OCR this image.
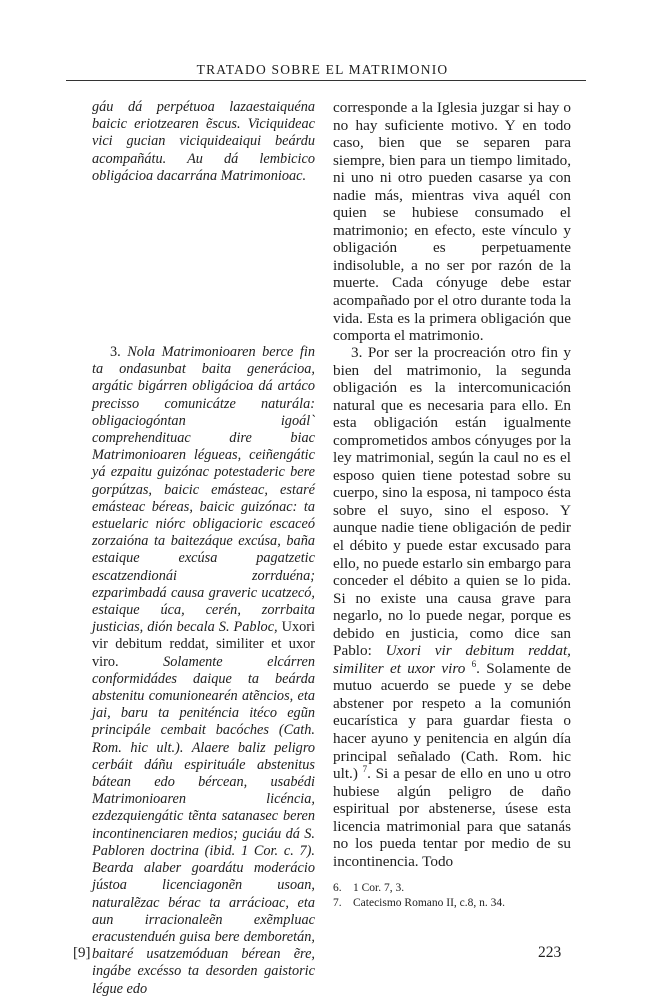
TRATADO SOBRE EL MATRIMONIO

gáu dá perpétuoa lazaestaiquéna baicic eriotzearen ẽscus. Viciquideac vici gucian viciquideaiqui beárdu acompañátu. Au dá lembicico obligácioa dacarrána Matrimonioac.

3. Nola Matrimonioaren berce fin ta ondasunbat baita generácioa, argátic bigárren obligácioa dá artáco precisso comunicátze naturála: obligaciogóntan igoál` comprehendituac dire biac Matrimonioaren légueas, ceiñengátic yá ezpaitu guizónac potestaderic bere gorpútzas, baicic emásteac, estaré emásteac béreas, baicic guizónac: ta estuelaric niórc obligacioric escaceó zorzaióna ta baitezáque excúsa, baña estaique excúsa pagatzetic escatzendionái zorrduéna; ezparimbadá causa graveric ucatzecó, estaique úca, cerén, zorrbaita justicias, dión becala S. Pabloc, Uxori vir debitum reddat, similiter et uxor viro. Solamente elcárren conformidádes daique ta beárda abstenitu comunionearén atẽncios, eta jai, baru ta peniténcia itéco egũn principále cembait bacóches (Cath. Rom. hic ult.). Alaere baliz peligro cerbáit dáñu espirituále abstenitus bátean edo bércean, usabédi Matrimonioaren licéncia, ezdezquiengátic tẽnta satanasec beren incontinenciaren medios; guciáu dá S. Pabloren doctrina (ibid. 1 Cor. c. 7). Bearda alaber goardátu moderácio jústoa licenciagonẽn usoan, naturalẽzac bérac ta arrácioac, eta aun irracionaleẽn exẽmpluac eracustenduén guisa bere demboretán, baitaré usatzemóduan bérean ẽre, ingábe excésso ta desorden gaistoric légue edo

corresponde a la Iglesia juzgar si hay o no hay suficiente motivo. Y en todo caso, bien que se separen para siempre, bien para un tiempo limitado, ni uno ni otro pueden casarse ya con nadie más, mientras viva aquél con quien se hubiese consumado el matrimonio; en efecto, este vínculo y obligación es perpetuamente indisoluble, a no ser por razón de la muerte. Cada cónyuge debe estar acompañado por el otro durante toda la vida. Esta es la primera obligación que comporta el matrimonio.

3. Por ser la procreación otro fin y bien del matrimonio, la segunda obligación es la intercomunicación natural que es necesaria para ello. En esta obligación están igualmente comprometidos ambos cónyuges por la ley matrimonial, según la caul no es el esposo quien tiene potestad sobre su cuerpo, sino la esposa, ni tampoco ésta sobre el suyo, sino el esposo. Y aunque nadie tiene obligación de pedir el débito y puede estar excusado para ello, no puede estarlo sin embargo para conceder el débito a quien se lo pida. Si no existe una causa grave para negarlo, no lo puede negar, porque es debido en justicia, como dice san Pablo: Uxori vir debitum reddat, similiter et uxor viro $^6$. Solamente de mutuo acuerdo se puede y se debe abstener por respeto a la comunión eucarística y para guardar fiesta o hacer ayuno y penitencia en algún día principal señalado (Cath. Rom. hic ult.) $^7$. Si a pesar de ello en uno u otro hubiese algún peligro de daño espiritual por abstenerse, úsese esta licencia matrimonial para que satanás no los pueda tentar por medio de su incontinencia. Todo

6. 1 Cor. 7, 3.

7. Catecismo Romano II, c.8, n. 34.

[9]	223
